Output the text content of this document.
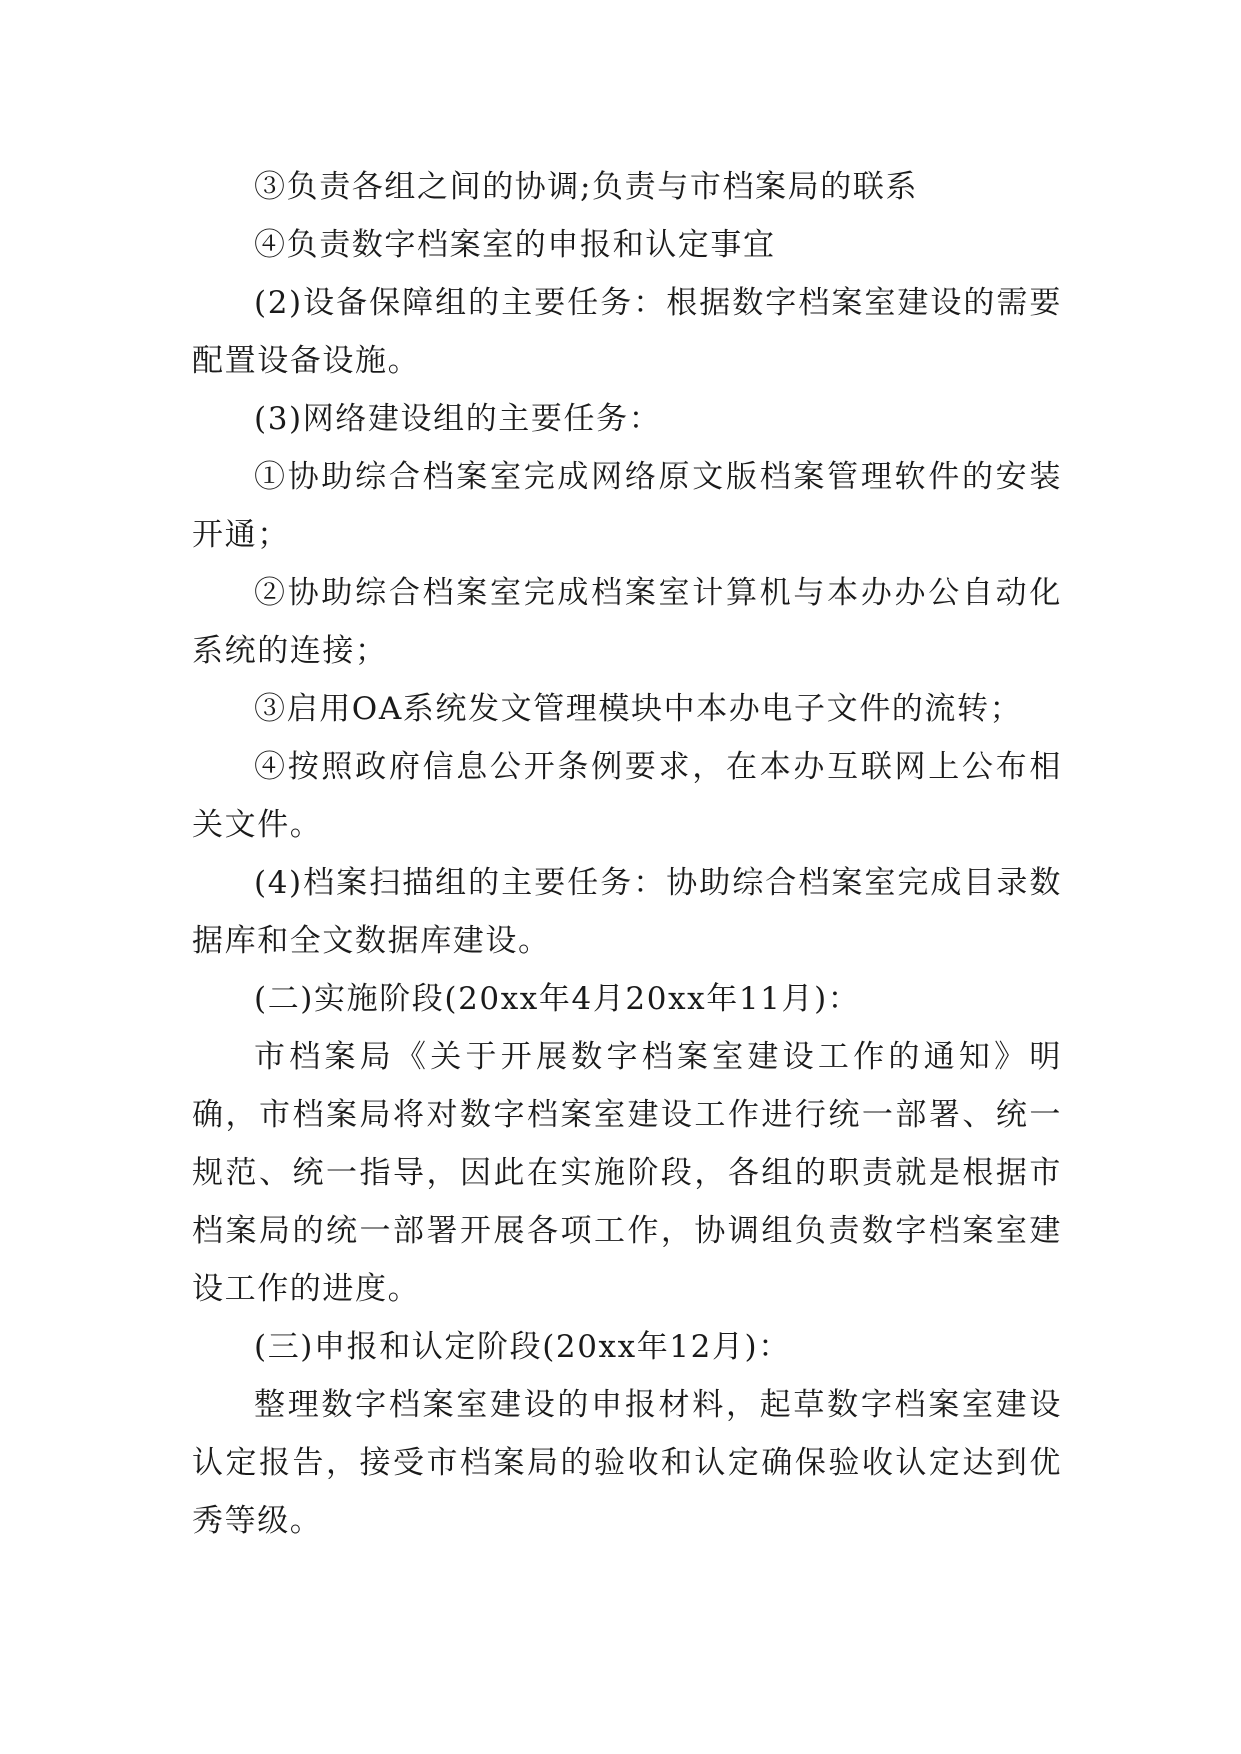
③负责各组之间的协调;负责与市档案局的联系

④负责数字档案室的申报和认定事宜

(2)设备保障组的主要任务：根据数字档案室建设的需要配置设备设施。

(3)网络建设组的主要任务：

①协助综合档案室完成网络原文版档案管理软件的安装开通；

②协助综合档案室完成档案室计算机与本办办公自动化系统的连接；

③启用OA系统发文管理模块中本办电子文件的流转；

④按照政府信息公开条例要求，在本办互联网上公布相关文件。

(4)档案扫描组的主要任务：协助综合档案室完成目录数据库和全文数据库建设。

(二)实施阶段(20xx年4月20xx年11月)：

市档案局《关于开展数字档案室建设工作的通知》明确，市档案局将对数字档案室建设工作进行统一部署、统一规范、统一指导，因此在实施阶段，各组的职责就是根据市档案局的统一部署开展各项工作，协调组负责数字档案室建设工作的进度。

(三)申报和认定阶段(20xx年12月)：

整理数字档案室建设的申报材料，起草数字档案室建设认定报告，接受市档案局的验收和认定确保验收认定达到优秀等级。
